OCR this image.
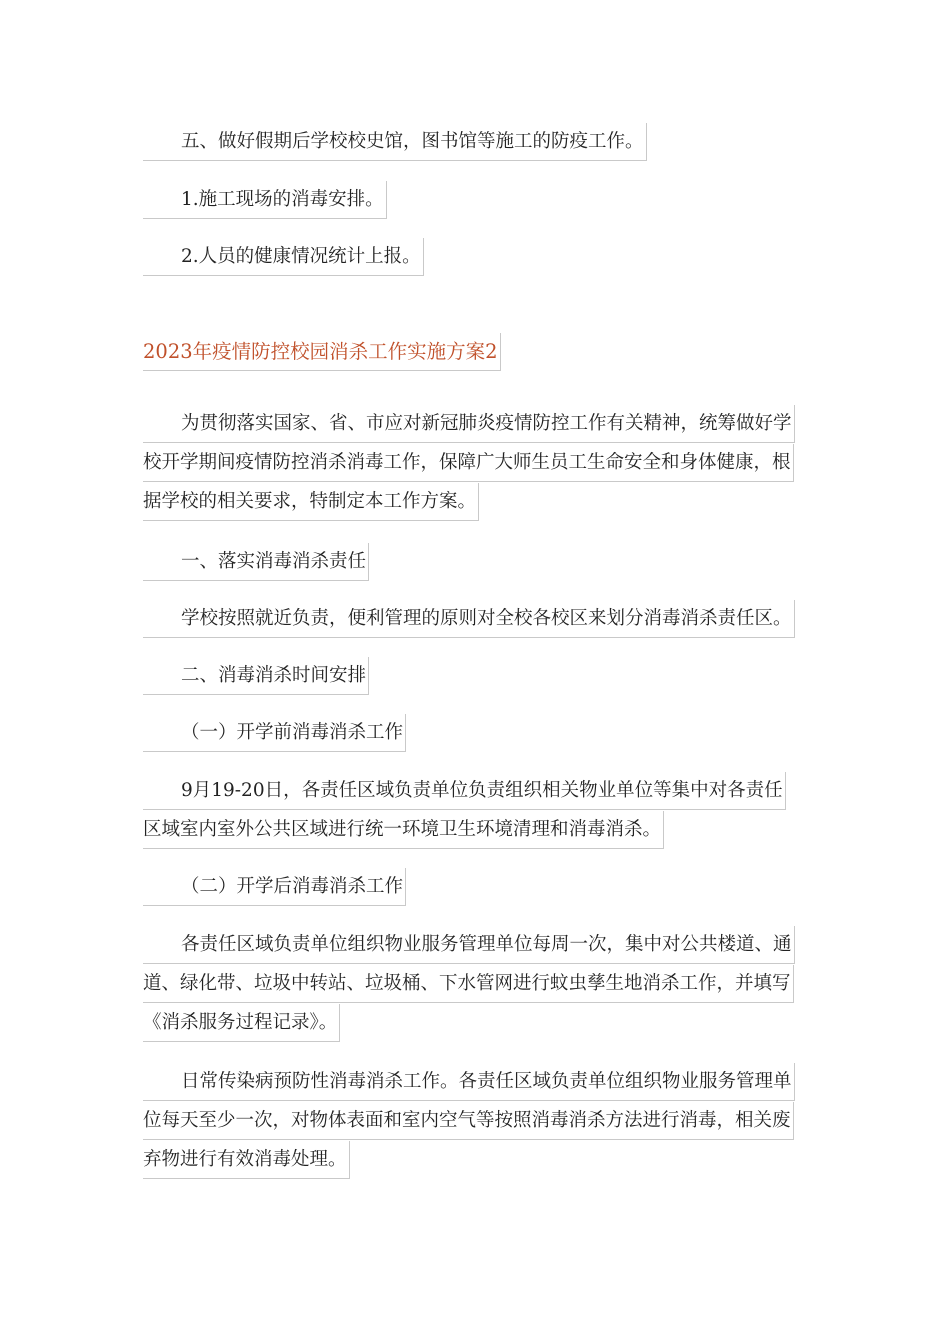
五、做好假期后学校校史馆，图书馆等施工的防疫工作。
1.施工现场的消毒安排。
2.人员的健康情况统计上报。
2023年疫情防控校园消杀工作实施方案2
为贯彻落实国家、省、市应对新冠肺炎疫情防控工作有关精神，统筹做好学
校开学期间疫情防控消杀消毒工作，保障广大师生员工生命安全和身体健康，根
据学校的相关要求，特制定本工作方案。
一、落实消毒消杀责任
学校按照就近负责，便利管理的原则对全校各校区来划分消毒消杀责任区。
二、消毒消杀时间安排
（一）开学前消毒消杀工作
9月19-20日，各责任区域负责单位负责组织相关物业单位等集中对各责任
区域室内室外公共区域进行统一环境卫生环境清理和消毒消杀。
（二）开学后消毒消杀工作
各责任区域负责单位组织物业服务管理单位每周一次，集中对公共楼道、通
道、绿化带、垃圾中转站、垃圾桶、下水管网进行蚊虫孳生地消杀工作，并填写
《消杀服务过程记录》。
日常传染病预防性消毒消杀工作。各责任区域负责单位组织物业服务管理单
位每天至少一次，对物体表面和室内空气等按照消毒消杀方法进行消毒，相关废
弃物进行有效消毒处理。
